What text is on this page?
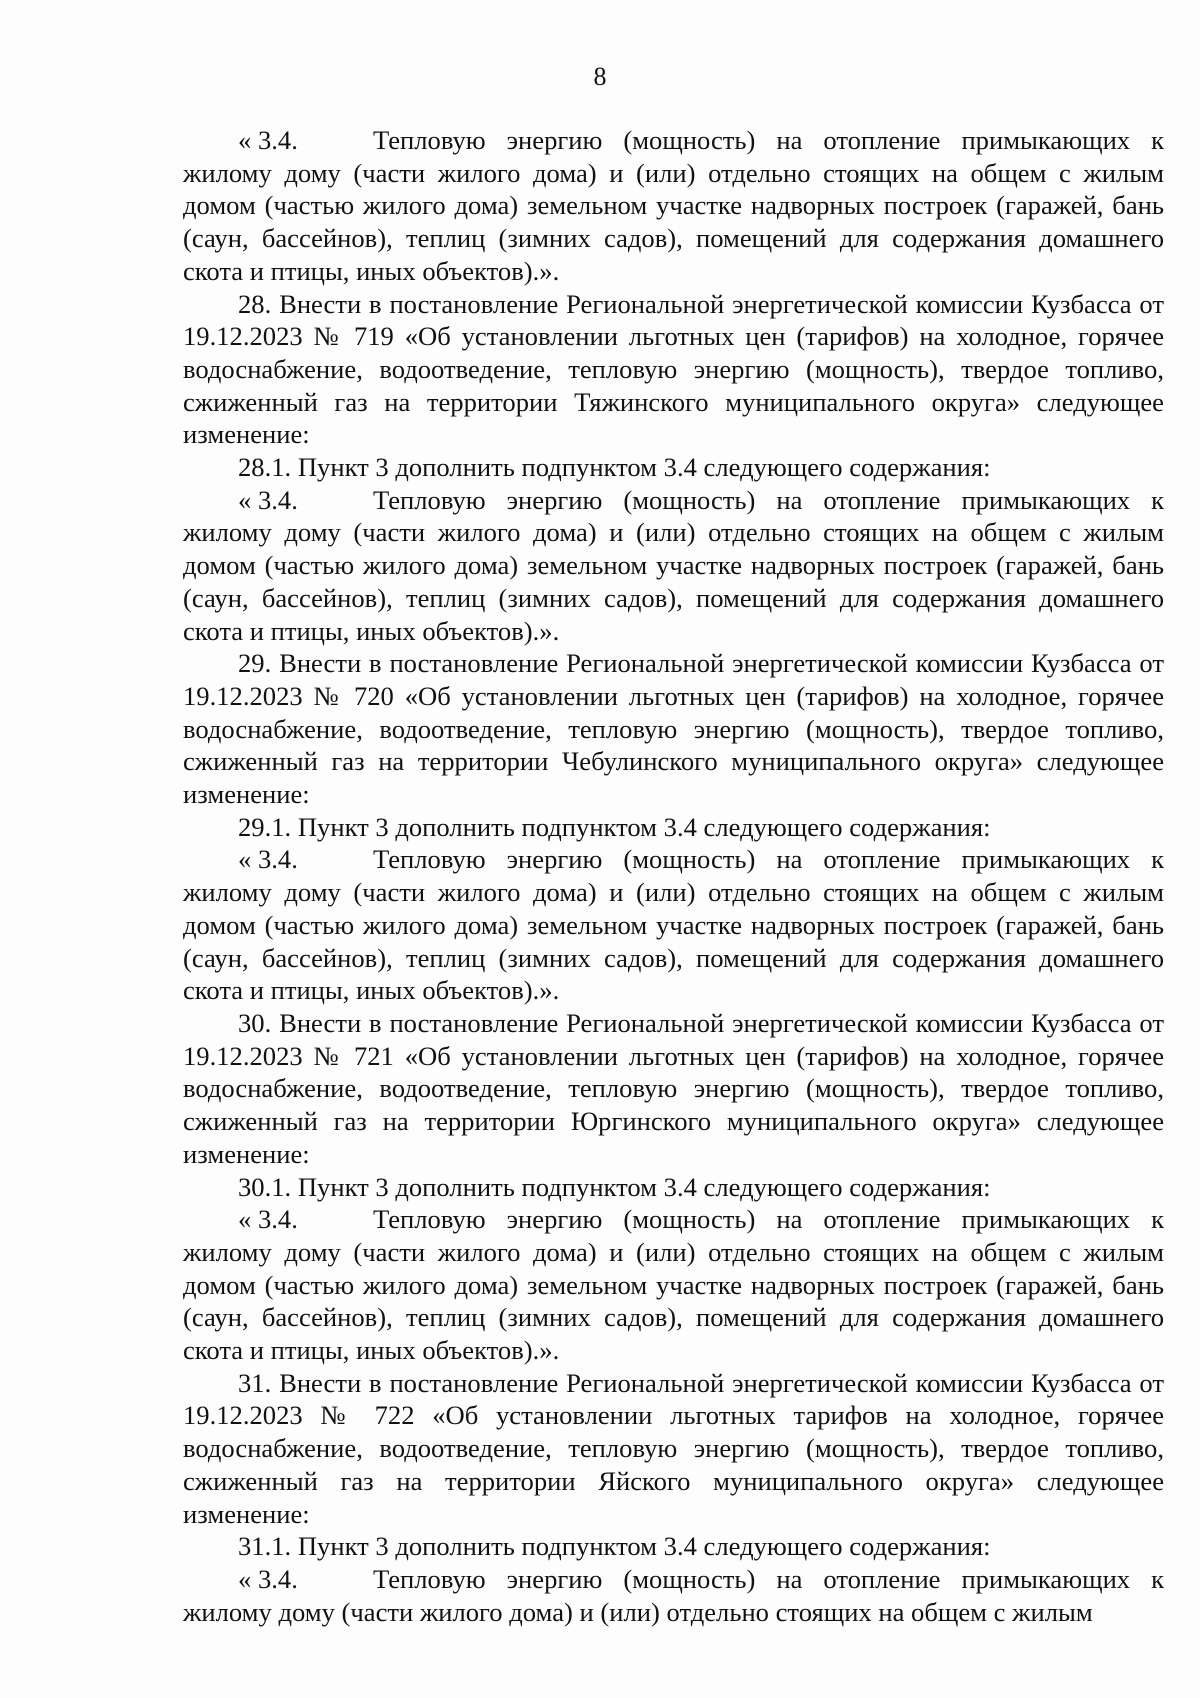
8

« 3.4.	Тепловую энергию (мощность) на отопление примыкающих к жилому дому (части жилого дома) и (или) отдельно стоящих на общем с жилым домом (частью жилого дома) земельном участке надворных построек (гаражей, бань (саун, бассейнов), теплиц (зимних садов), помещений для содержания домашнего скота и птицы, иных объектов).».

28. Внести в постановление Региональной энергетической комиссии Кузбасса от 19.12.2023 № 719 «Об установлении льготных цен (тарифов) на холодное, горячее водоснабжение, водоотведение, тепловую энергию (мощность), твердое топливо, сжиженный газ на территории Тяжинского муниципального округа» следующее изменение:

28.1. Пункт 3 дополнить подпунктом 3.4 следующего содержания:

« 3.4.	Тепловую энергию (мощность) на отопление примыкающих к жилому дому (части жилого дома) и (или) отдельно стоящих на общем с жилым домом (частью жилого дома) земельном участке надворных построек (гаражей, бань (саун, бассейнов), теплиц (зимних садов), помещений для содержания домашнего скота и птицы, иных объектов).».

29. Внести в постановление Региональной энергетической комиссии Кузбасса от 19.12.2023 № 720 «Об установлении льготных цен (тарифов) на холодное, горячее водоснабжение, водоотведение, тепловую энергию (мощность), твердое топливо, сжиженный газ на территории Чебулинского муниципального округа» следующее изменение:

29.1. Пункт 3 дополнить подпунктом 3.4 следующего содержания:

« 3.4.	Тепловую энергию (мощность) на отопление примыкающих к жилому дому (части жилого дома) и (или) отдельно стоящих на общем с жилым домом (частью жилого дома) земельном участке надворных построек (гаражей, бань (саун, бассейнов), теплиц (зимних садов), помещений для содержания домашнего скота и птицы, иных объектов).».

30. Внести в постановление Региональной энергетической комиссии Кузбасса от 19.12.2023 № 721 «Об установлении льготных цен (тарифов) на холодное, горячее водоснабжение, водоотведение, тепловую энергию (мощность), твердое топливо, сжиженный газ на территории Юргинского муниципального округа» следующее изменение:

30.1. Пункт 3 дополнить подпунктом 3.4 следующего содержания:

« 3.4.	Тепловую энергию (мощность) на отопление примыкающих к жилому дому (части жилого дома) и (или) отдельно стоящих на общем с жилым домом (частью жилого дома) земельном участке надворных построек (гаражей, бань (саун, бассейнов), теплиц (зимних садов), помещений для содержания домашнего скота и птицы, иных объектов).».

31. Внести в постановление Региональной энергетической комиссии Кузбасса от 19.12.2023 № 722 «Об установлении льготных тарифов на холодное, горячее водоснабжение, водоотведение, тепловую энергию (мощность), твердое топливо, сжиженный газ на территории Яйского муниципального округа» следующее изменение:

31.1. Пункт 3 дополнить подпунктом 3.4 следующего содержания:

« 3.4.	Тепловую энергию (мощность) на отопление примыкающих к жилому дому (части жилого дома) и (или) отдельно стоящих на общем с жилым
